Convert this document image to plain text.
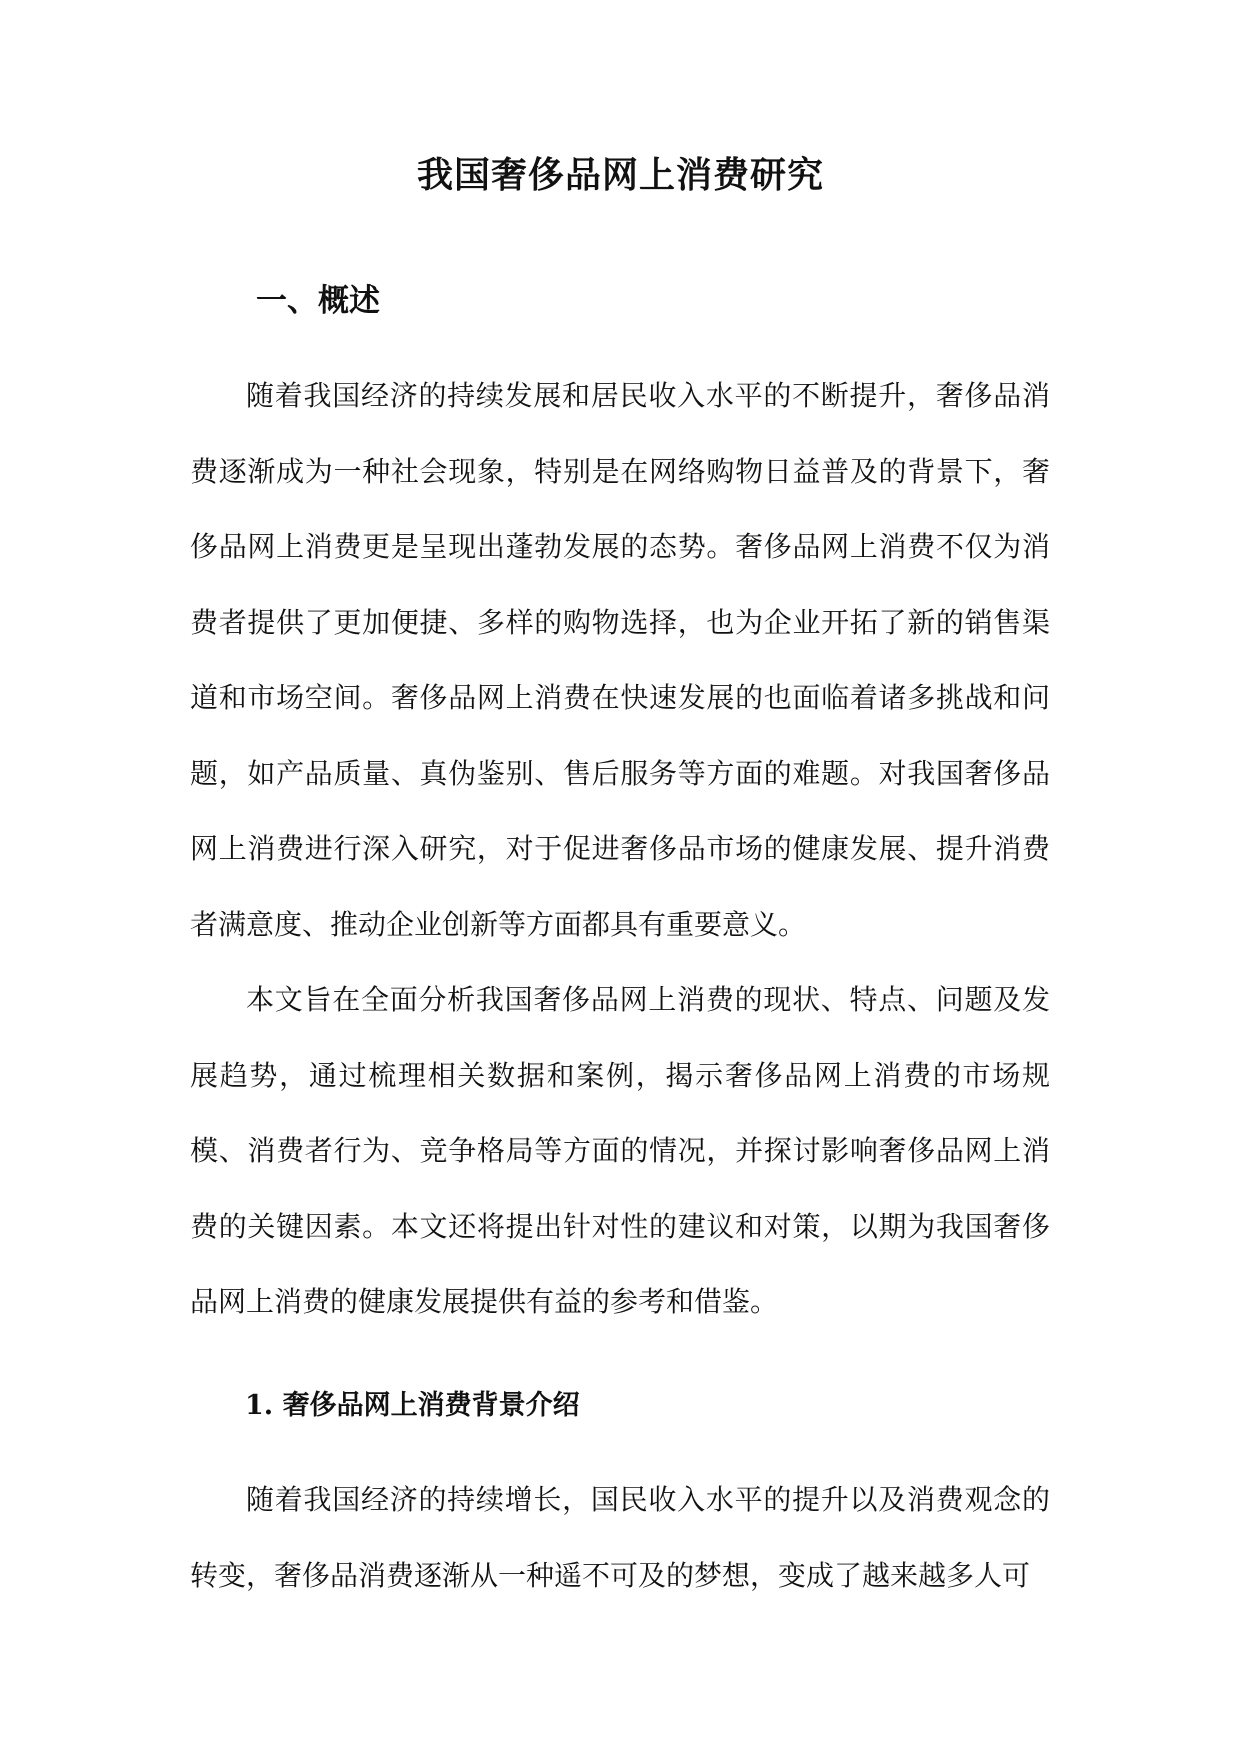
我国奢侈品网上消费研究
一、概述

随着我国经济的持续发展和居民收入水平的不断提升，奢侈品消费逐渐成为一种社会现象，特别是在网络购物日益普及的背景下，奢侈品网上消费更是呈现出蓬勃发展的态势。奢侈品网上消费不仅为消费者提供了更加便捷、多样的购物选择，也为企业开拓了新的销售渠道和市场空间。奢侈品网上消费在快速发展的也面临着诸多挑战和问题，如产品质量、真伪鉴别、售后服务等方面的难题。对我国奢侈品网上消费进行深入研究，对于促进奢侈品市场的健康发展、提升消费者满意度、推动企业创新等方面都具有重要意义。

本文旨在全面分析我国奢侈品网上消费的现状、特点、问题及发展趋势，通过梳理相关数据和案例，揭示奢侈品网上消费的市场规模、消费者行为、竞争格局等方面的情况，并探讨影响奢侈品网上消费的关键因素。本文还将提出针对性的建议和对策，以期为我国奢侈品网上消费的健康发展提供有益的参考和借鉴。

1. 奢侈品网上消费背景介绍

随着我国经济的持续增长，国民收入水平的提升以及消费观念的转变，奢侈品消费逐渐从一种遥不可及的梦想，变成了越来越多人可
